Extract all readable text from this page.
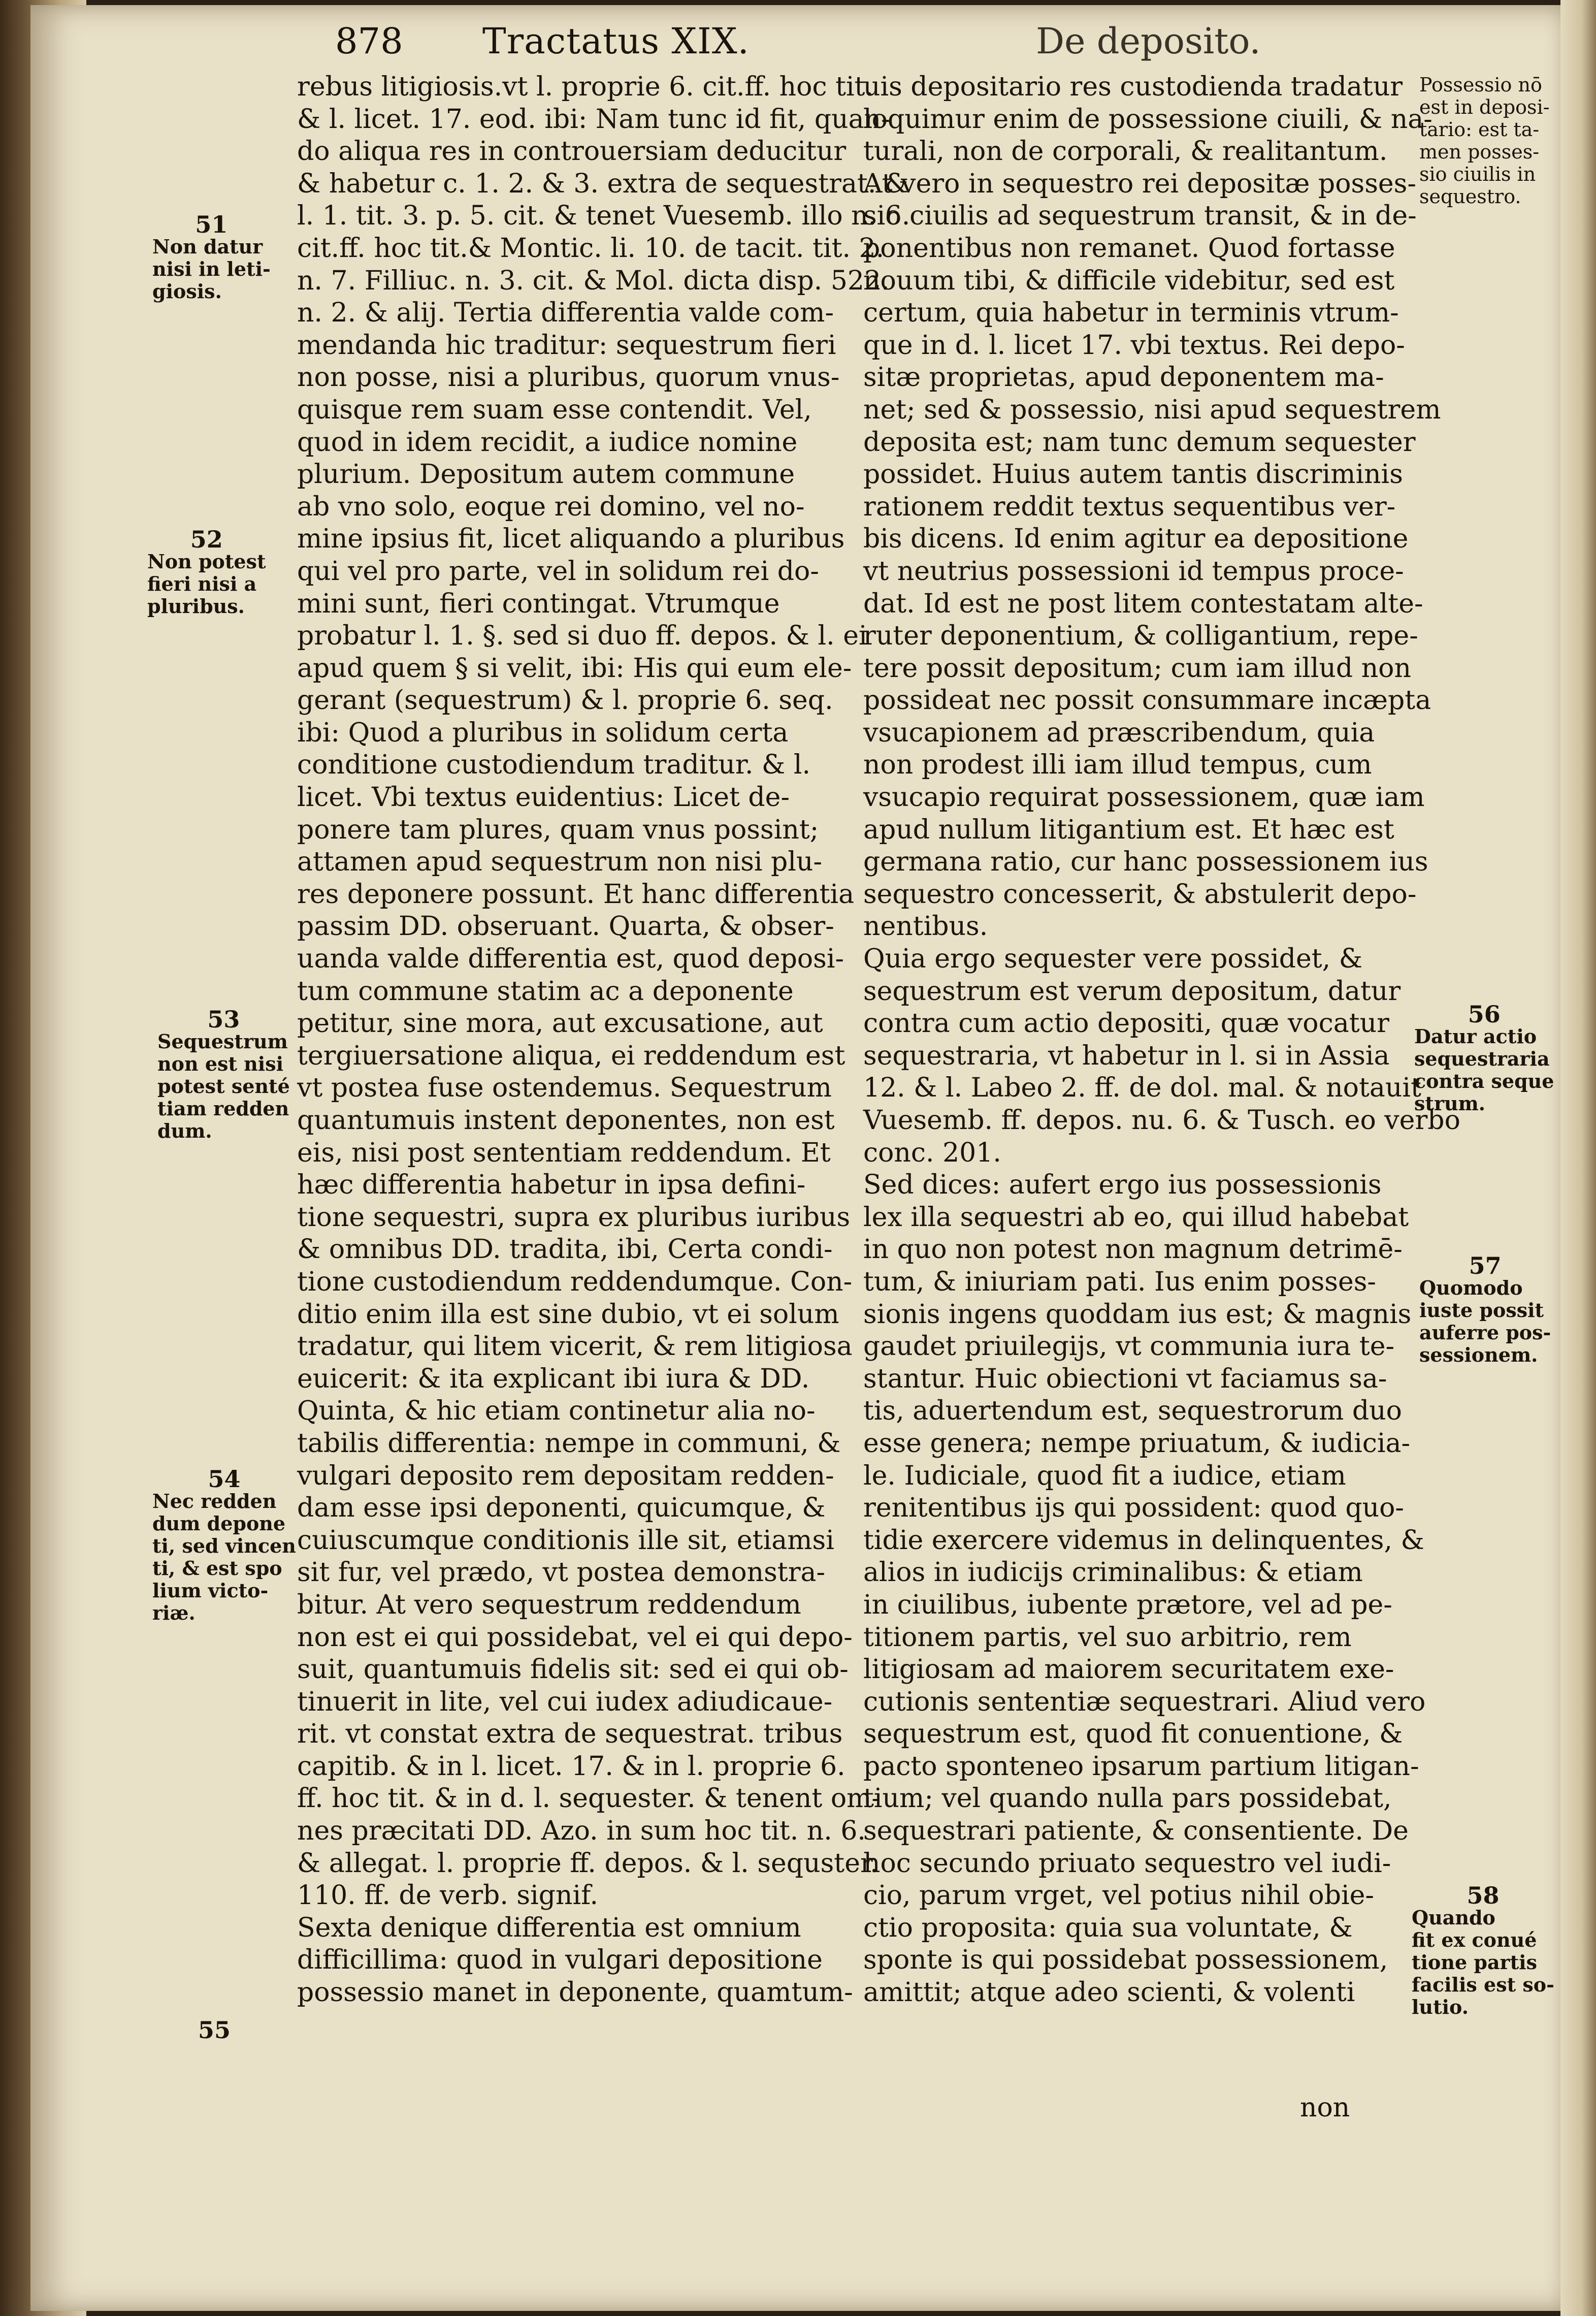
878 Tractatus XIX.	De deposito.
rebus litigiosis.vt l. proprie 6. cit.ff. hoc tit.
& l. licet. 17. eod. ibi: Nam tunc id fit, quan-
do aliqua res in controuersiam deducitur
& habetur c. 1. 2. & 3. extra de sequestrat. &
l. 1. tit. 3. p. 5. cit. & tenet Vuesemb. illo n. 6.
cit.ff. hoc tit.& Montic. li. 10. de tacit. tit. 2.
n. 7. Filliuc. n. 3. cit. & Mol. dicta disp. 522.
n. 2. & alij. Tertia differentia valde com-
mendanda hic traditur: sequestrum fieri
non posse, nisi a pluribus, quorum vnus-
quisque rem suam esse contendit. Vel,
quod in idem recidit, a iudice nomine
plurium. Depositum autem commune
ab vno solo, eoque rei domino, vel no-
mine ipsius fit, licet aliquando a pluribus
qui vel pro parte, vel in solidum rei do-
mini sunt, fieri contingat. Vtrumque
probatur l. 1. §. sed si duo ff. depos. & l. ei
apud quem § si velit, ibi: His qui eum ele-
gerant (sequestrum) & l. proprie 6. seq.
ibi: Quod a pluribus in solidum certa
conditione custodiendum traditur. & l.
licet. Vbi textus euidentius: Licet de-
ponere tam plures, quam vnus possint;
attamen apud sequestrum non nisi plu-
res deponere possunt. Et hanc differentia
passim DD. obseruant. Quarta, & obser-
uanda valde differentia est, quod deposi-
tum commune statim ac a deponente
petitur, sine mora, aut excusatione, aut
tergiuersatione aliqua, ei reddendum est
vt postea fuse ostendemus. Sequestrum
quantumuis instent deponentes, non est
eis, nisi post sententiam reddendum. Et
hæc differentia habetur in ipsa defini-
tione sequestri, supra ex pluribus iuribus
& omnibus DD. tradita, ibi, Certa condi-
tione custodiendum reddendumque. Con-
ditio enim illa est sine dubio, vt ei solum
tradatur, qui litem vicerit, & rem litigiosa
euicerit: & ita explicant ibi iura & DD.
Quinta, & hic etiam continetur alia no-
tabilis differentia: nempe in communi, &
vulgari deposito rem depositam redden-
dam esse ipsi deponenti, quicumque, &
cuiuscumque conditionis ille sit, etiamsi
sit fur, vel prædo, vt postea demonstra-
bitur. At vero sequestrum reddendum
non est ei qui possidebat, vel ei qui depo-
suit, quantumuis fidelis sit: sed ei qui ob-
tinuerit in lite, vel cui iudex adiudicaue-
rit. vt constat extra de sequestrat. tribus
capitib. & in l. licet. 17. & in l. proprie 6.
ff. hoc tit. & in d. l. sequester. & tenent om-
nes præcitati DD. Azo. in sum hoc tit. n. 6.
& allegat. l. proprie ff. depos. & l. sequster.
110. ff. de verb. signif.
Sexta denique differentia est omnium
difficillima: quod in vulgari depositione
possessio manet in deponente, quamtum-
uis depositario res custodienda tradatur
loquimur enim de possessione ciuili, & na-
turali, non de corporali, & realitantum.
At vero in sequestro rei depositæ posses-
sio ciuilis ad sequestrum transit, & in de-
ponentibus non remanet. Quod fortasse
nouum tibi, & difficile videbitur, sed est
certum, quia habetur in terminis vtrum-
que in d. l. licet 17. vbi textus. Rei depo-
sitæ proprietas, apud deponentem ma-
net; sed & possessio, nisi apud sequestrem
deposita est; nam tunc demum sequester
possidet. Huius autem tantis discriminis
rationem reddit textus sequentibus ver-
bis dicens. Id enim agitur ea depositione
vt neutrius possessioni id tempus proce-
dat. Id est ne post litem contestatam alte-
ruter deponentium, & colligantium, repe-
tere possit depositum; cum iam illud non
possideat nec possit consummare incæpta
vsucapionem ad præscribendum, quia
non prodest illi iam illud tempus, cum
vsucapio requirat possessionem, quæ iam
apud nullum litigantium est. Et hæc est
germana ratio, cur hanc possessionem ius
sequestro concesserit, & abstulerit depo-
nentibus.
Quia ergo sequester vere possidet, &
sequestrum est verum depositum, datur
contra cum actio depositi, quæ vocatur
sequestraria, vt habetur in l. si in Assia
12. & l. Labeo 2. ff. de dol. mal. & notauit
Vuesemb. ff. depos. nu. 6. & Tusch. eo verbo
conc. 201.
Sed dices: aufert ergo ius possessionis
lex illa sequestri ab eo, qui illud habebat
in quo non potest non magnum detrimē-
tum, & iniuriam pati. Ius enim posses-
sionis ingens quoddam ius est; & magnis
gaudet priuilegijs, vt communia iura te-
stantur. Huic obiectioni vt faciamus sa-
tis, aduertendum est, sequestrorum duo
esse genera; nempe priuatum, & iudicia-
le. Iudiciale, quod fit a iudice, etiam
renitentibus ijs qui possident: quod quo-
tidie exercere videmus in delinquentes, &
alios in iudicijs criminalibus: & etiam
in ciuilibus, iubente prætore, vel ad pe-
titionem partis, vel suo arbitrio, rem
litigiosam ad maiorem securitatem exe-
cutionis sententiæ sequestrari. Aliud vero
sequestrum est, quod fit conuentione, &
pacto sponteneo ipsarum partium litigan-
tium; vel quando nulla pars possidebat,
sequestrari patiente, & consentiente. De
hoc secundo priuato sequestro vel iudi-
cio, parum vrget, vel potius nihil obie-
ctio proposita: quia sua voluntate, &
sponte is qui possidebat possessionem,
amittit; atque adeo scienti, & volenti
51
Non datur
nisi in leti-
giosis.
52
Non potest
fieri nisi a
pluribus.
53
Sequestrum
non est nisi
potest senté
tiam redden
dum.
54
Nec redden
dum depone
ti, sed vincen
ti, & est spo
lium victo-
riæ.
55
Possessio nō
est in deposi-
tario: est ta-
men posses-
sio ciuilis in
sequestro.
56
Datur actio
sequestraria
contra seque
strum.
57
Quomodo
iuste possit
auferre pos-
sessionem.
58
Quando
fit ex conué
tione partis
facilis est so-
lutio.
non
